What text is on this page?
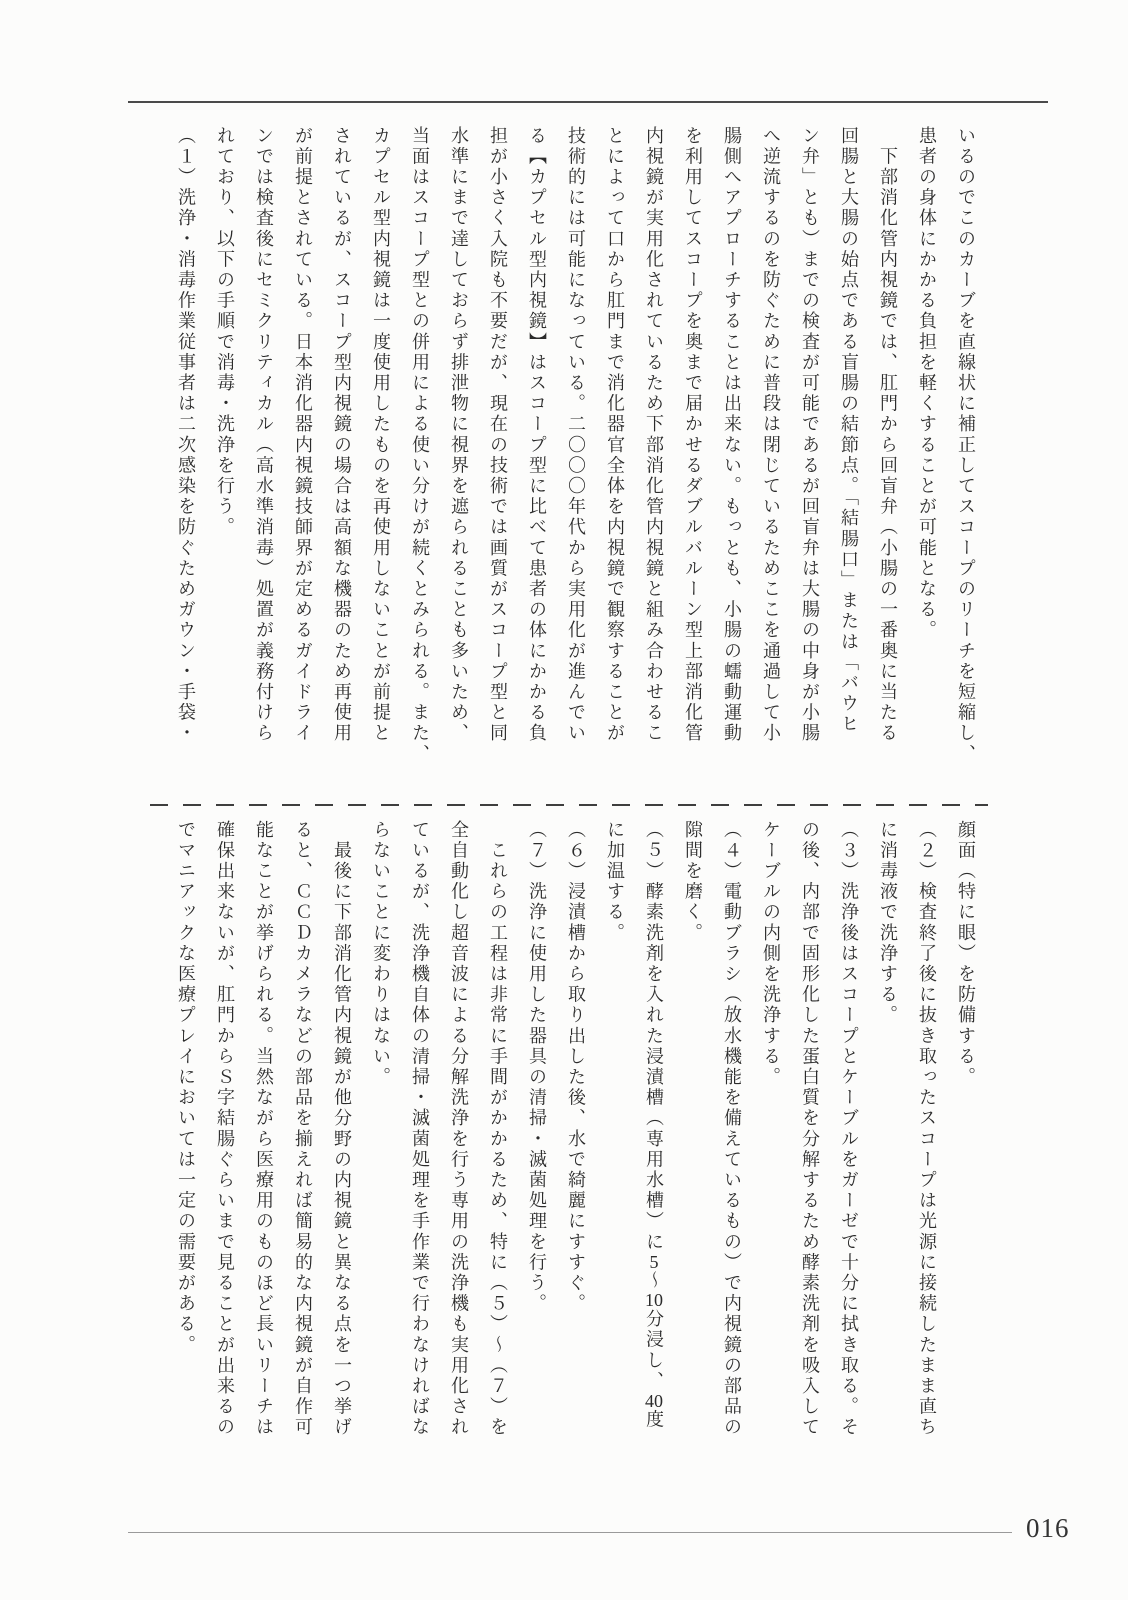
いるのでこのカーブを直線状に補正してスコープのリーチを短縮し、
患者の身体にかかる負担を軽くすることが可能となる。
　下部消化管内視鏡では、肛門から回盲弁（小腸の一番奥に当たる
回腸と大腸の始点である盲腸の結節点。「結腸口」または「バウヒ
ン弁」とも）までの検査が可能であるが回盲弁は大腸の中身が小腸
へ逆流するのを防ぐために普段は閉じているためここを通過して小
腸側へアプローチすることは出来ない。もっとも、小腸の蠕動運動
を利用してスコープを奥まで届かせるダブルバルーン型上部消化管
内視鏡が実用化されているため下部消化管内視鏡と組み合わせるこ
とによって口から肛門まで消化器官全体を内視鏡で観察することが
技術的には可能になっている。二〇〇〇年代から実用化が進んでい
る【カプセル型内視鏡】はスコープ型に比べて患者の体にかかる負
担が小さく入院も不要だが、現在の技術では画質がスコープ型と同
水準にまで達しておらず排泄物に視界を遮られることも多いため、
当面はスコープ型との併用による使い分けが続くとみられる。また、
カプセル型内視鏡は一度使用したものを再使用しないことが前提と
されているが、スコープ型内視鏡の場合は高額な機器のため再使用
が前提とされている。日本消化器内視鏡技師界が定めるガイドライ
ンでは検査後にセミクリティカル（高水準消毒）処置が義務付けら
れており、以下の手順で消毒・洗浄を行う。
（１）洗浄・消毒作業従事者は二次感染を防ぐためガウン・手袋・
顔面（特に眼）を防備する。
（２）検査終了後に抜き取ったスコープは光源に接続したまま直ち
に消毒液で洗浄する。
（３）洗浄後はスコープとケーブルをガーゼで十分に拭き取る。そ
の後、内部で固形化した蛋白質を分解するため酵素洗剤を吸入して
ケーブルの内側を洗浄する。
（４）電動ブラシ（放水機能を備えているもの）で内視鏡の部品の
隙間を磨く。
（５）酵素洗剤を入れた浸漬槽（専用水槽）に5～10分浸し、40度
に加温する。
（６）浸漬槽から取り出した後、水で綺麗にすすぐ。
（７）洗浄に使用した器具の清掃・滅菌処理を行う。
　これらの工程は非常に手間がかかるため、特に（５）～（７）を
全自動化し超音波による分解洗浄を行う専用の洗浄機も実用化され
ているが、洗浄機自体の清掃・滅菌処理を手作業で行わなければな
らないことに変わりはない。
　最後に下部消化管内視鏡が他分野の内視鏡と異なる点を一つ挙げ
ると、ＣＣＤカメラなどの部品を揃えれば簡易的な内視鏡が自作可
能なことが挙げられる。当然ながら医療用のものほど長いリーチは
確保出来ないが、肛門からＳ字結腸ぐらいまで見ることが出来るの
でマニアックな医療プレイにおいては一定の需要がある。
016
